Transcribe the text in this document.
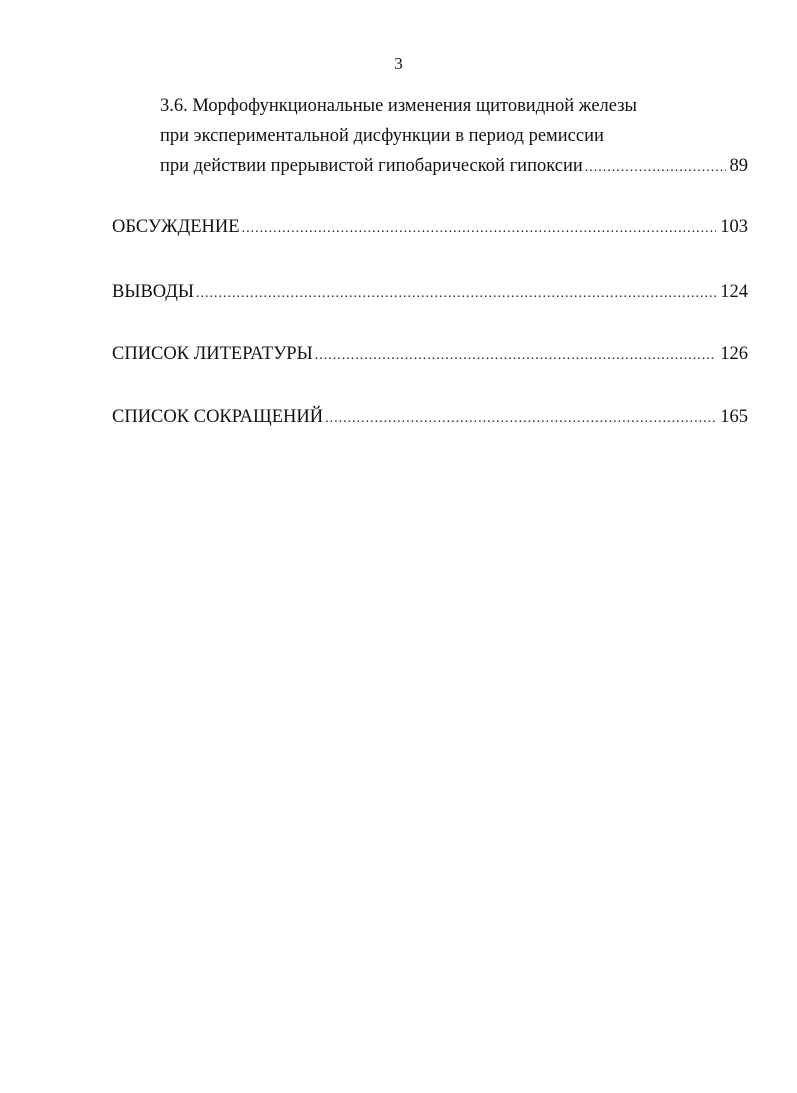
3
3.6. Морфофункциональные изменения щитовидной железы
при экспериментальной дисфункции в период ремиссии
при действии прерывистой гипобарической гипоксии .....	89
ОБСУЖДЕНИЕ .....	103
ВЫВОДЫ .....	124
СПИСОК ЛИТЕРАТУРЫ .....	126
СПИСОК СОКРАЩЕНИЙ .....	165
